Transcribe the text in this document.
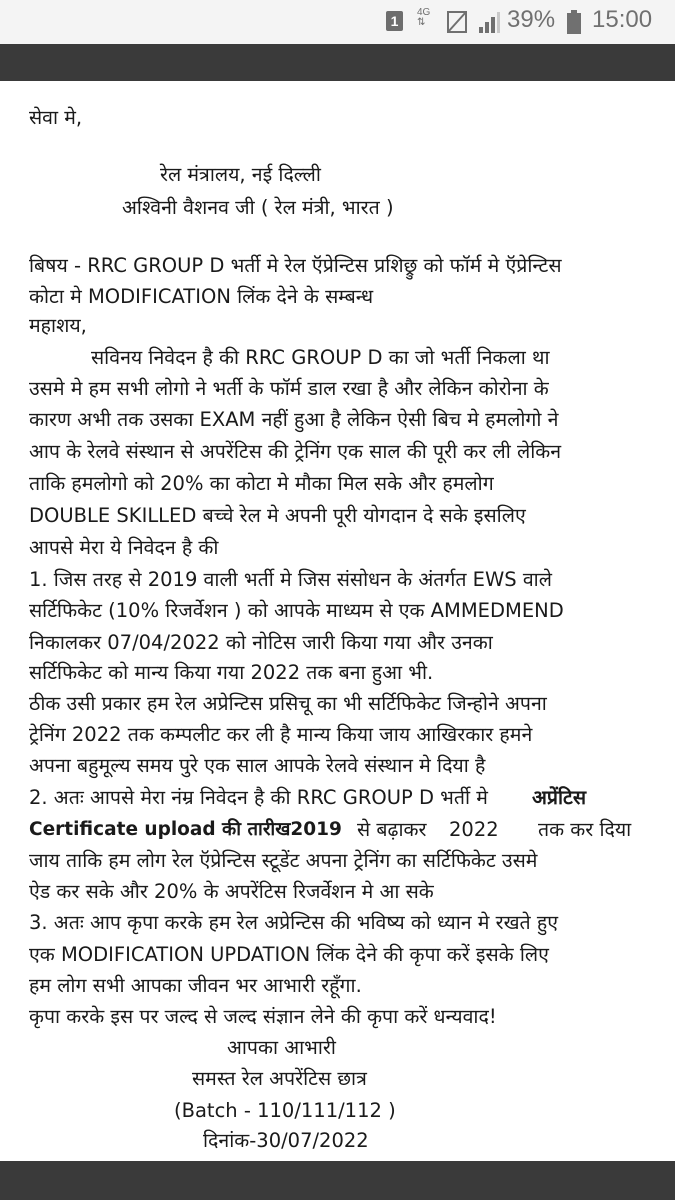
1
4G
⇅	39% 15:00
सेवा मे,
रेल मंत्रालय, नई दिल्ली
अश्विनी वैशनव जी ( रेल मंत्री, भारत )
बिषय - RRC GROUP D भर्ती मे रेल ऍप्रेन्टिस प्रशिछ्रु को फॉर्म मे ऍप्रेन्टिस
कोटा मे MODIFICATION लिंक देने के सम्बन्ध
महाशय,
सविनय निवेदन है की RRC GROUP D का जो भर्ती निकला था
उसमे मे हम सभी लोगो ने भर्ती के फॉर्म डाल रखा है और लेकिन कोरोना के
कारण अभी तक उसका EXAM नहीं हुआ है लेकिन ऐसी बिच मे हमलोगो ने
आप के रेलवे संस्थान से अपरेंटिस की ट्रेनिंग एक साल की पूरी कर ली लेकिन
ताकि हमलोगो को 20% का कोटा मे मौका मिल सके और हमलोग
DOUBLE SKILLED बच्चे रेल मे अपनी पूरी योगदान दे सके इसलिए
आपसे मेरा ये निवेदन है की
1. जिस तरह से 2019 वाली भर्ती मे जिस संसोधन के अंतर्गत EWS वाले
सर्टिफिकेट (10% रिजर्वेशन ) को आपके माध्यम से एक AMMEDMEND
निकालकर 07/04/2022 को नोटिस जारी किया गया और उनका
सर्टिफिकेट को मान्य किया गया 2022 तक बना हुआ भी.
ठीक उसी प्रकार हम रेल अप्रेन्टिस प्रसिचू का भी सर्टिफिकेट जिन्होने अपना
ट्रेनिंग 2022 तक कम्पलीट कर ली है मान्य किया जाय आखिरकार हमने
अपना बहुमूल्य समय पुरे एक साल आपके रेलवे संस्थान मे दिया है
2. अतः आपसे मेरा नंम्र निवेदन है की RRC GROUP D भर्ती मे अप्रेंटिस
Certificate upload की तारीख2019 से बढ़ाकर 2022 तक कर दिया
जाय ताकि हम लोग रेल ऍप्रेन्टिस स्टूडेंट अपना ट्रेनिंग का सर्टिफिकेट उसमे
ऐड कर सके और 20% के अपरेंटिस रिजर्वेशन मे आ सके
3. अतः आप कृपा करके हम रेल अप्रेन्टिस की भविष्य को ध्यान मे रखते हुए
एक MODIFICATION UPDATION लिंक देने की कृपा करें इसके लिए
हम लोग सभी आपका जीवन भर आभारी रहूँगा.
कृपा करके इस पर जल्द से जल्द संज्ञान लेने की कृपा करें धन्यवाद!
आपका आभारी
समस्त रेल अपरेंटिस छात्र
(Batch - 110/111/112 )
दिनांक-30/07/2022
